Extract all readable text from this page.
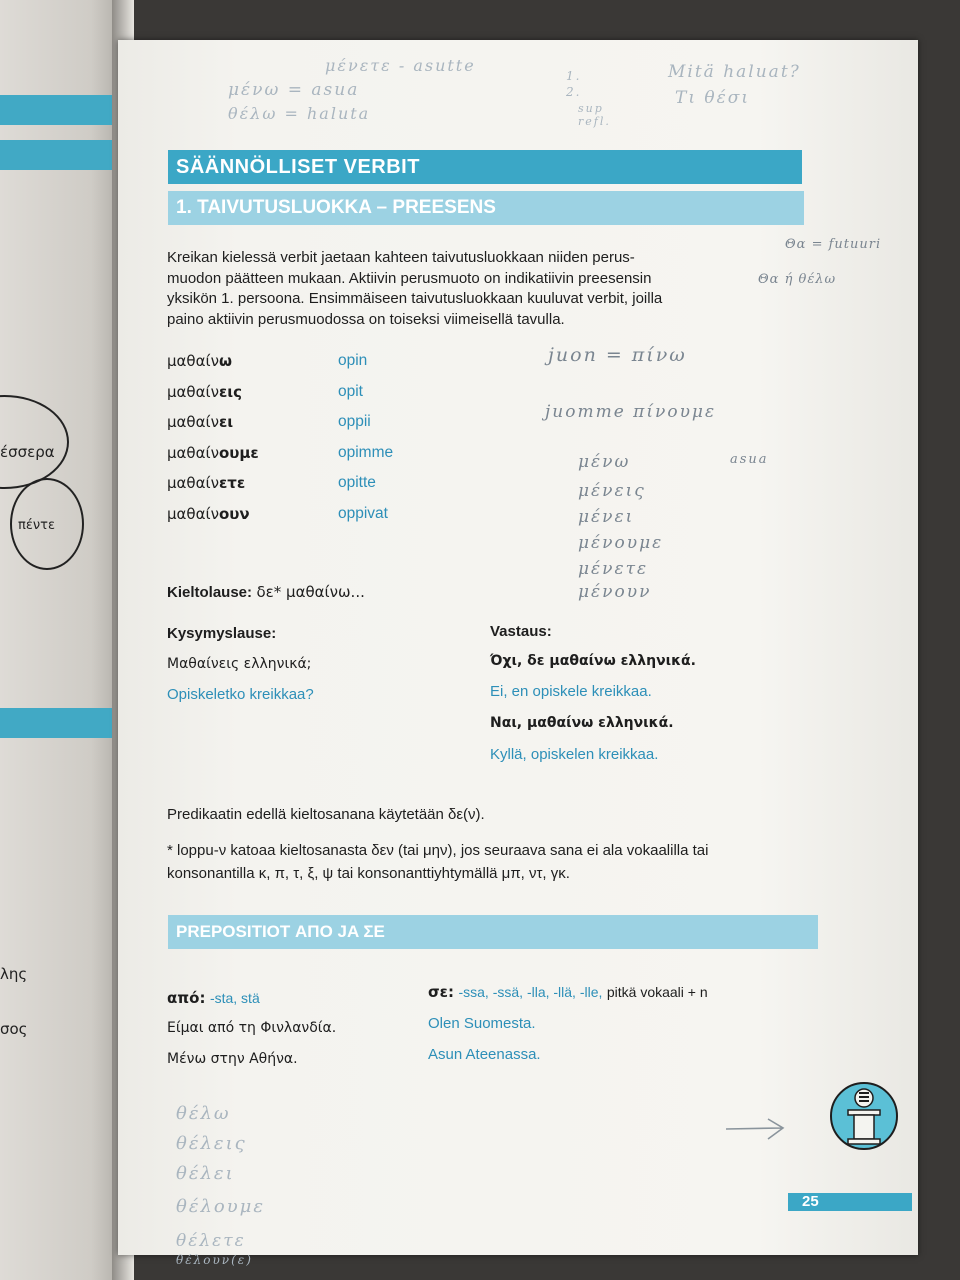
έσσερα
πέντε
λης
σος
μένετε - asutte
μένω = asua
θέλω = haluta
1.
2.
sup
refl.
Mitä haluat?
Τι θέσι
SÄÄNNÖLLISET VERBIT
1. TAIVUTUSLUOKKA – PREESENS
Kreikan kielessä verbit jaetaan kahteen taivutusluokkaan niiden perus-
muodon päätteen mukaan. Aktiivin perusmuoto on indikatiivin preesensin
yksikön 1. persoona. Ensimmäiseen taivutusluokkaan kuuluvat verbit, joilla
paino aktiivin perusmuodossa on toiseksi viimeisellä tavulla.
Θα = futuuri
Θα ή θέλω
μαθαίνω	opin
μαθαίνεις	opit
μαθαίνει	oppii
μαθαίνουμε	opimme
μαθαίνετε	opitte
μαθαίνουν	oppivat
juon = πίνω
juomme πίνουμε
μένω	asua
μένεις
μένει
μένουμε
μένετε
μένουν
Kieltolause: δε* μαθαίνω...
Kysymyslause:
Μαθαίνεις ελληνικά;
Opiskeletko kreikkaa?
Vastaus:
Όχι, δε μαθαίνω ελληνικά.
Ei, en opiskele kreikkaa.
Ναι, μαθαίνω ελληνικά.
Kyllä, opiskelen kreikkaa.
Predikaatin edellä kieltosanana käytetään δε(ν).
* loppu-ν katoaa kieltosanasta δεν (tai μην), jos seuraava sana ei ala vokaalilla tai
konsonantilla κ, π, τ, ξ, ψ tai konsonanttiyhtymällä μπ, ντ, γκ.
PREPOSITIOT ΑΠΟ JA ΣΕ
από: -sta, stä
Είμαι από τη Φινλανδία.
Μένω στην Αθήνα.
σε: -ssa, -ssä, -lla, -llä, -lle, pitkä vokaali + n
Olen Suomesta.
Asun Ateenassa.
θέλω
θέλεις
θέλει
θέλουμε
θέλετε
θέλουν(ε)
25
